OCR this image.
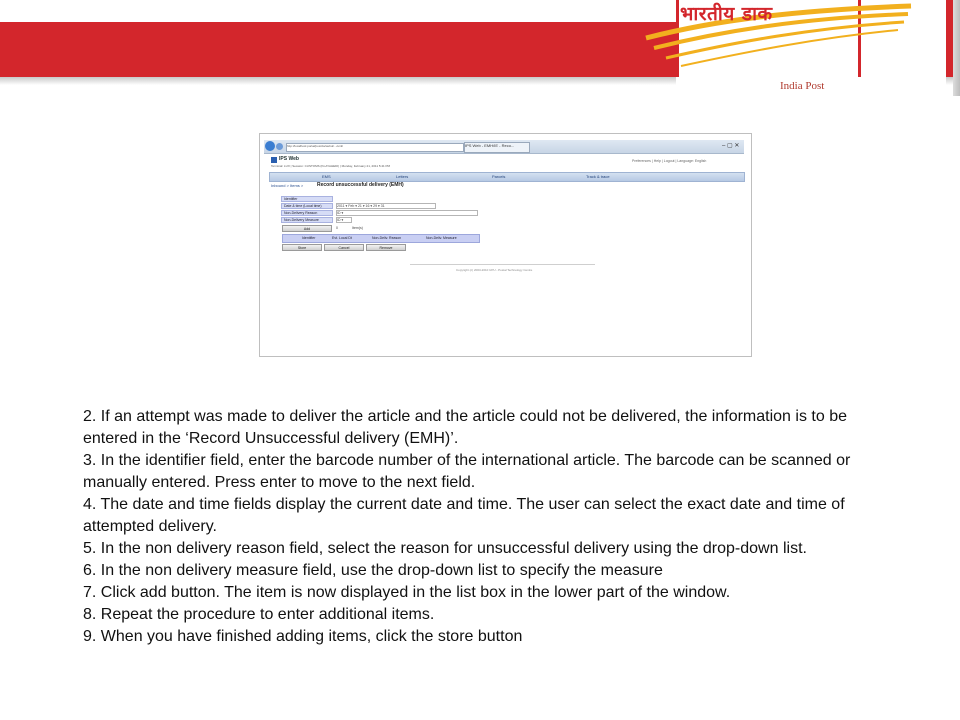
भारतीय डाक
India Post
http://localhost:portal/pos/do/webui/.../emh	IPS Web - EMH/IE - Reco...	– ▢ ✕
IPS Web
Terminal: LUX | Session: CUSTOMS (IN-AYAHEDI) | Monday, February 21, 2011 5:41 PM
Preferences | Help | Logout | Language: English
EMS	Letters	Parcels	Track & trace
Inbound > Items >	Record unsuccessful delivery (EMH)
Identifier
Date & time (Local time)	2011 ▾ Feb ▾ 21 ▾ 16 ▾ 29 ▾ 31
Non-Delivery Reason	ID ▾
Non-Delivery Measure	ID ▾
Add	0	Item(s)
Identifier	Evt. Local Dt	Non-Deliv. Reason	Non-Deliv. Measure
Store	Cancel	Remove
Copyright (c) 2003-2010 UPU - Postal Technology Centre
2. If an attempt was made to deliver the article and the article could not be delivered, the information is to be entered in the ‘Record Unsuccessful delivery (EMH)’.
3. In the identifier field, enter the barcode number of the international article. The barcode can be scanned or manually entered. Press enter to move to the next field.
4. The date and time fields display the current date and time. The user can select the exact date and time of attempted delivery.
5. In the non delivery reason field, select the reason for unsuccessful delivery using the drop-down list.
6. In the non delivery measure field, use the drop-down list to specify the measure
7. Click add button. The item is now displayed in the list box in the lower part of the window.
8. Repeat the procedure to enter additional items.
9. When you have finished adding items, click the store button
